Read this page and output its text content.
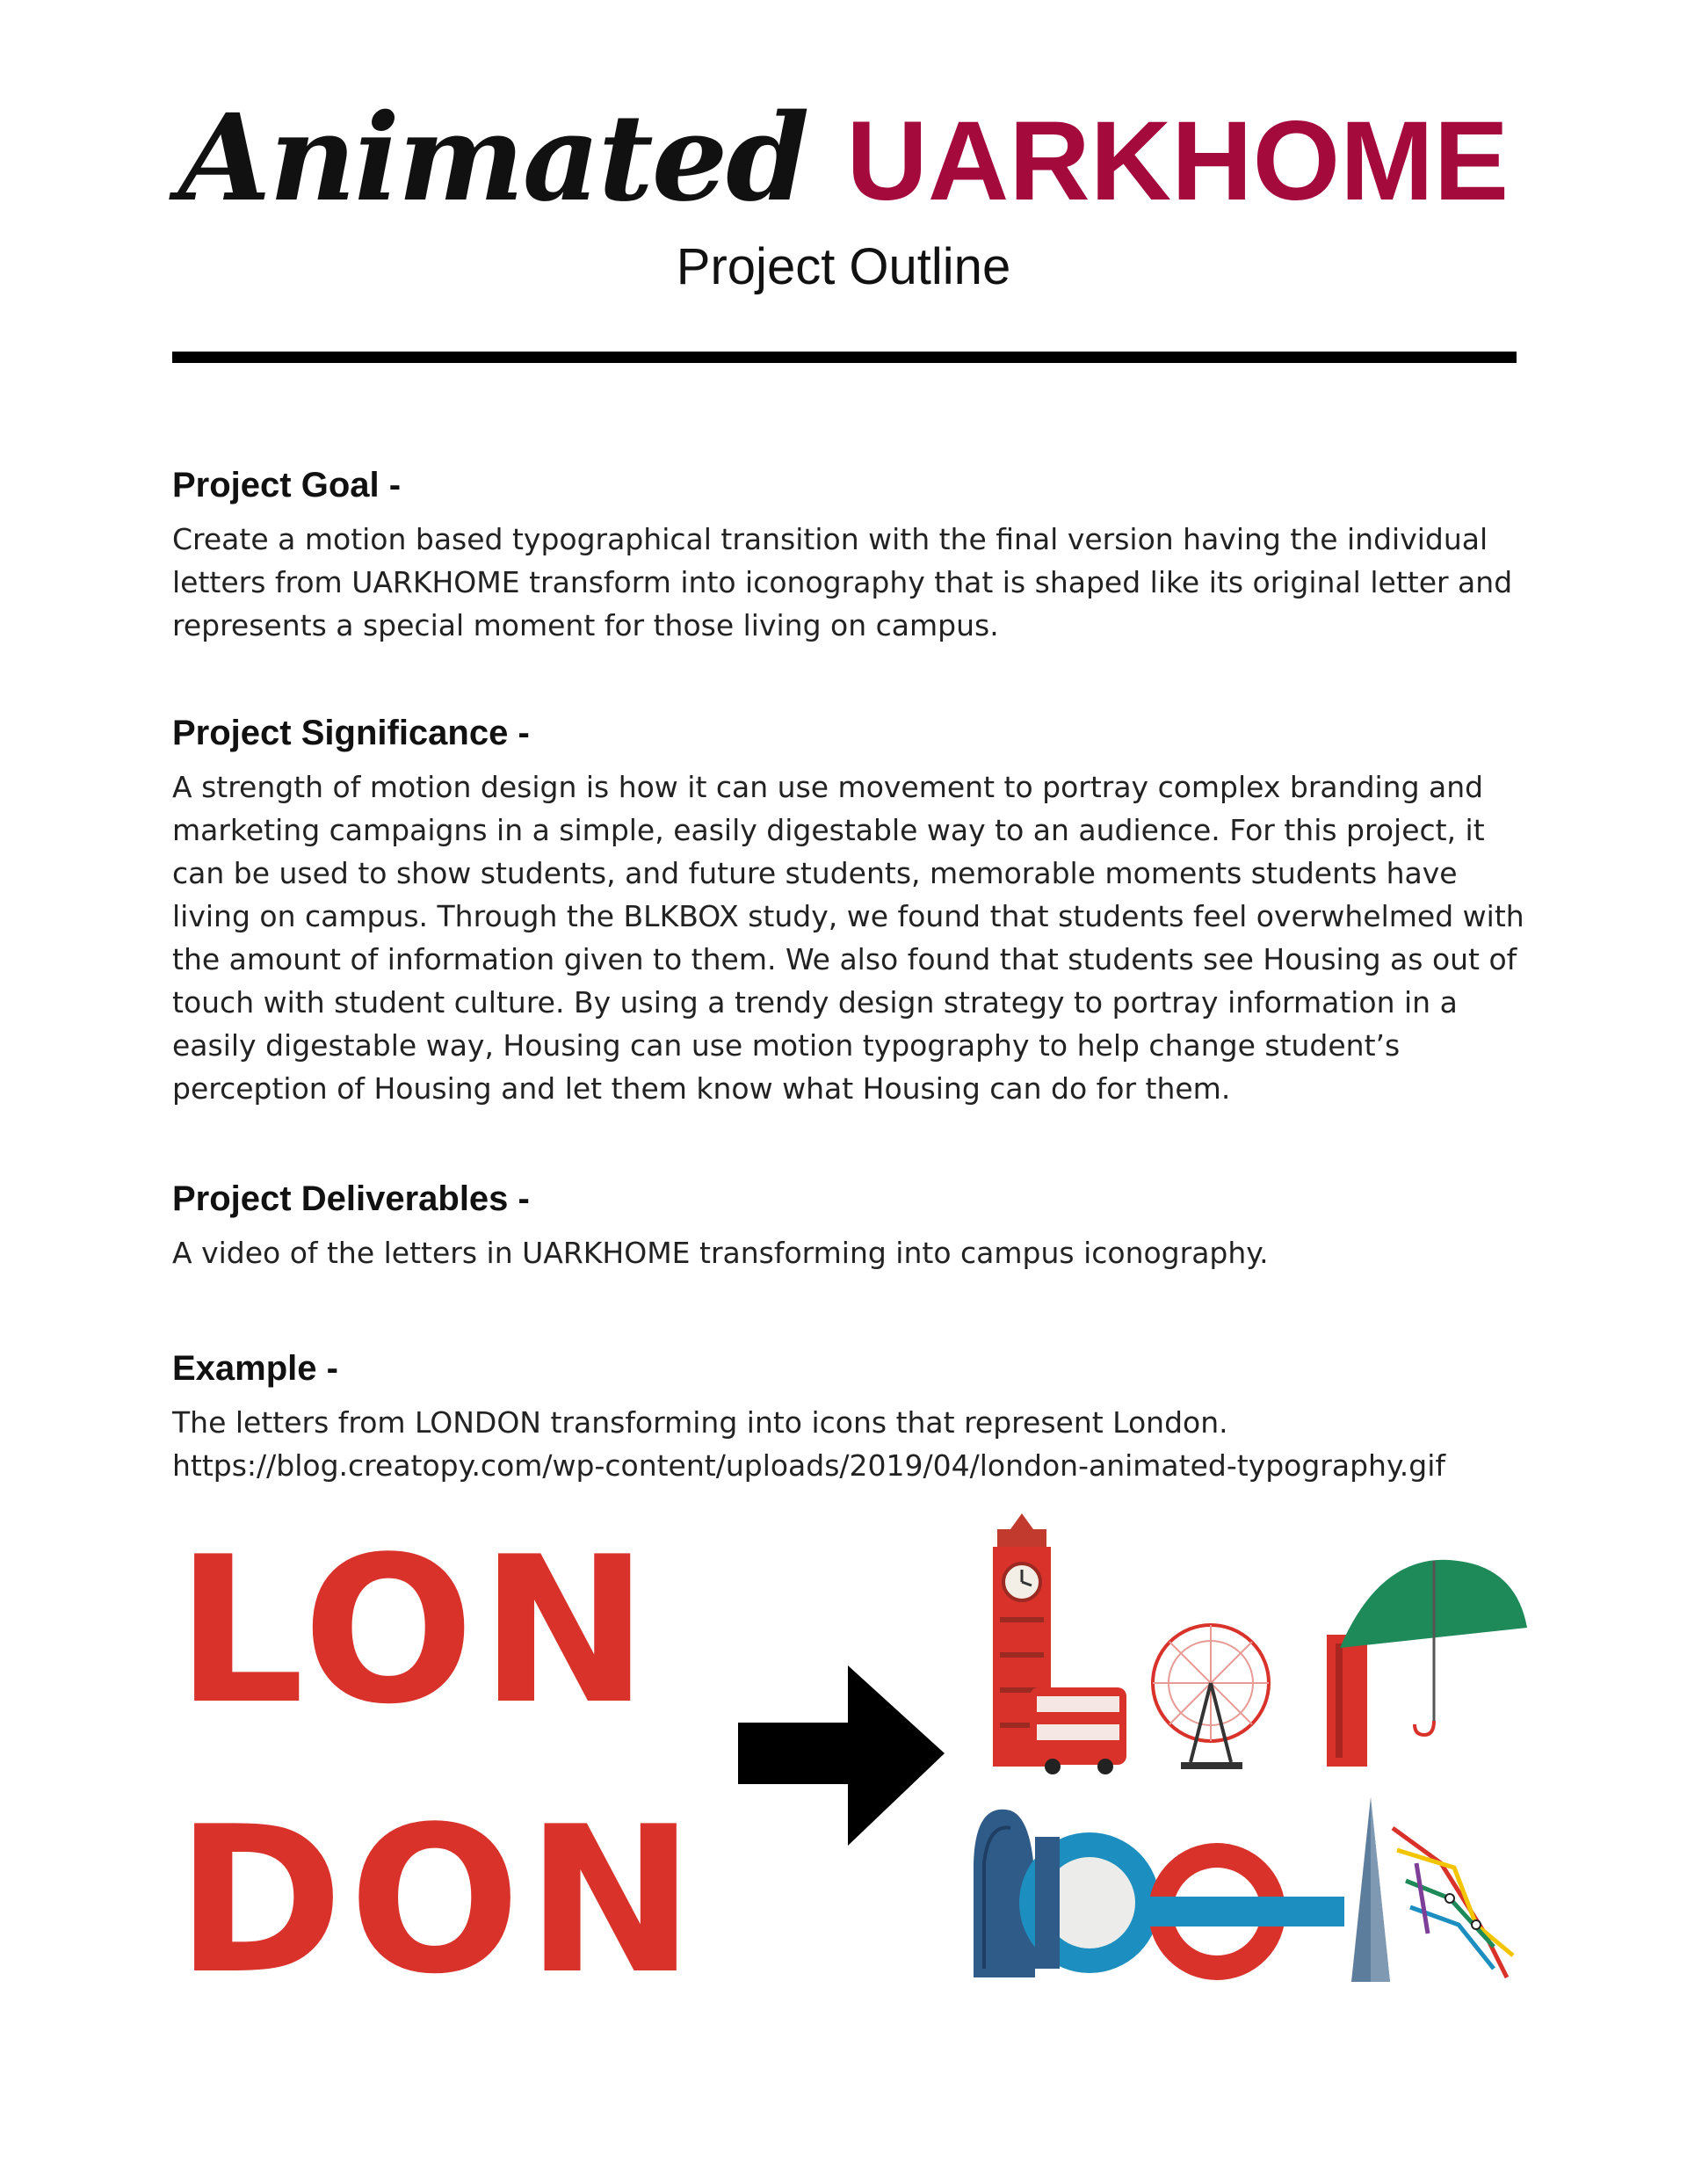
Animated UARKHOME
Project Outline
Project Goal -

Create a motion based typographical transition with the final version having the individual letters from UARKHOME transform into iconography that is shaped like its original letter and represents a special moment for those living on campus.

Project Significance -

A strength of motion design is how it can use movement to portray complex branding and marketing campaigns in a simple, easily digestable way to an audience. For this project, it can be used to show students, and future students, memorable moments students have living on campus. Through the BLKBOX study, we found that students feel overwhelmed with the amount of information given to them. We also found that students see Housing as out of touch with student culture. By using a trendy design strategy to portray information in a easily digestable way, Housing can use motion typography to help change student’s perception of Housing and let them know what Housing can do for them.

Project Deliverables -

A video of the letters in UARKHOME transforming into campus iconography.

Example -

The letters from LONDON transforming into icons that represent London.

https://blog.creatopy.com/wp-content/uploads/2019/04/london-animated-typography.gif

LON
DON
